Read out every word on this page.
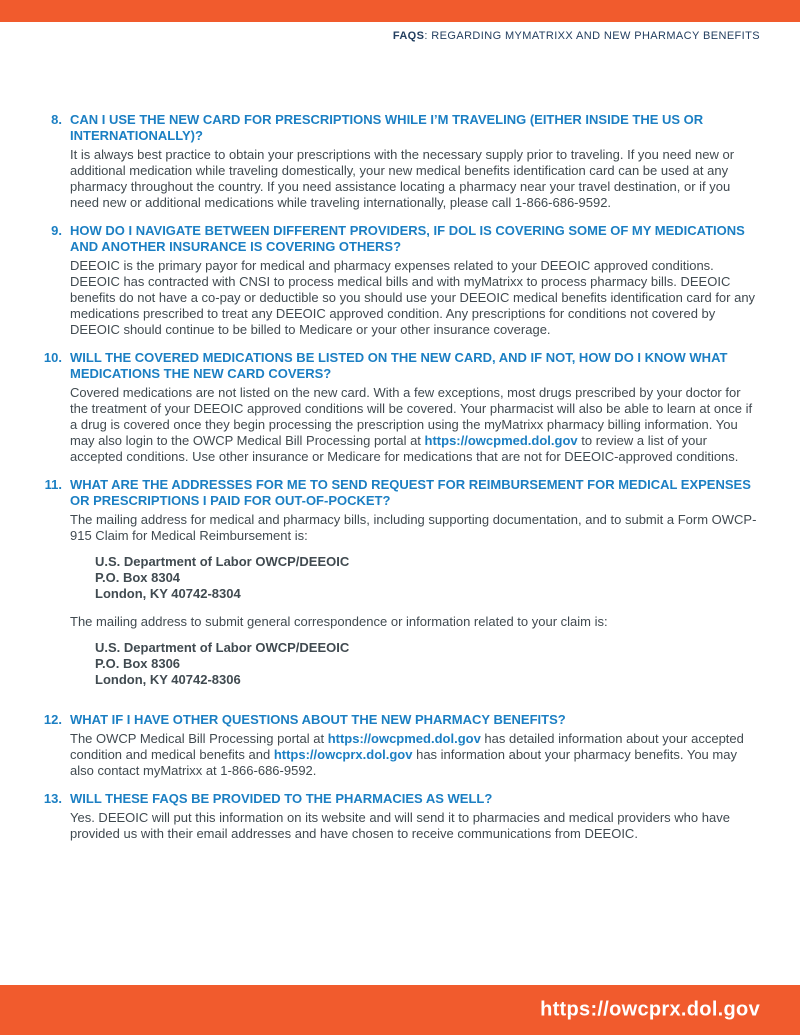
FAQS: REGARDING MYMATRIXX AND NEW PHARMACY BENEFITS
8. CAN I USE THE NEW CARD FOR PRESCRIPTIONS WHILE I’M TRAVELING (EITHER INSIDE THE US OR INTERNATIONALLY)?
It is always best practice to obtain your prescriptions with the necessary supply prior to traveling. If you need new or additional medication while traveling domestically, your new medical benefits identification card can be used at any pharmacy throughout the country. If you need assistance locating a pharmacy near your travel destination, or if you need new or additional medications while traveling internationally, please call 1-866-686-9592.
9. HOW DO I NAVIGATE BETWEEN DIFFERENT PROVIDERS, IF DOL IS COVERING SOME OF MY MEDICATIONS AND ANOTHER INSURANCE IS COVERING OTHERS?
DEEOIC is the primary payor for medical and pharmacy expenses related to your DEEOIC approved conditions. DEEOIC has contracted with CNSI to process medical bills and with myMatrixx to process pharmacy bills. DEEOIC benefits do not have a co-pay or deductible so you should use your DEEOIC medical benefits identification card for any medications prescribed to treat any DEEOIC approved condition. Any prescriptions for conditions not covered by DEEOIC should continue to be billed to Medicare or your other insurance coverage.
10. WILL THE COVERED MEDICATIONS BE LISTED ON THE NEW CARD, AND IF NOT, HOW DO I KNOW WHAT MEDICATIONS THE NEW CARD COVERS?
Covered medications are not listed on the new card. With a few exceptions, most drugs prescribed by your doctor for the treatment of your DEEOIC approved conditions will be covered. Your pharmacist will also be able to learn at once if a drug is covered once they begin processing the prescription using the myMatrixx pharmacy billing information. You may also login to the OWCP Medical Bill Processing portal at https://owcpmed.dol.gov to review a list of your accepted conditions. Use other insurance or Medicare for medications that are not for DEEOIC-approved conditions.
11. WHAT ARE THE ADDRESSES FOR ME TO SEND REQUEST FOR REIMBURSEMENT FOR MEDICAL EXPENSES OR PRESCRIPTIONS I PAID FOR OUT-OF-POCKET?
The mailing address for medical and pharmacy bills, including supporting documentation, and to submit a Form OWCP-915 Claim for Medical Reimbursement is:
U.S. Department of Labor OWCP/DEEOIC
P.O. Box 8304
London, KY 40742-8304
The mailing address to submit general correspondence or information related to your claim is:
U.S. Department of Labor OWCP/DEEOIC
P.O. Box 8306
London, KY 40742-8306
12. WHAT IF I HAVE OTHER QUESTIONS ABOUT THE NEW PHARMACY BENEFITS?
The OWCP Medical Bill Processing portal at https://owcpmed.dol.gov has detailed information about your accepted condition and medical benefits and https://owcprx.dol.gov has information about your pharmacy benefits. You may also contact myMatrixx at 1-866-686-9592.
13. WILL THESE FAQS BE PROVIDED TO THE PHARMACIES AS WELL?
Yes. DEEOIC will put this information on its website and will send it to pharmacies and medical providers who have provided us with their email addresses and have chosen to receive communications from DEEOIC.
https://owcprx.dol.gov
